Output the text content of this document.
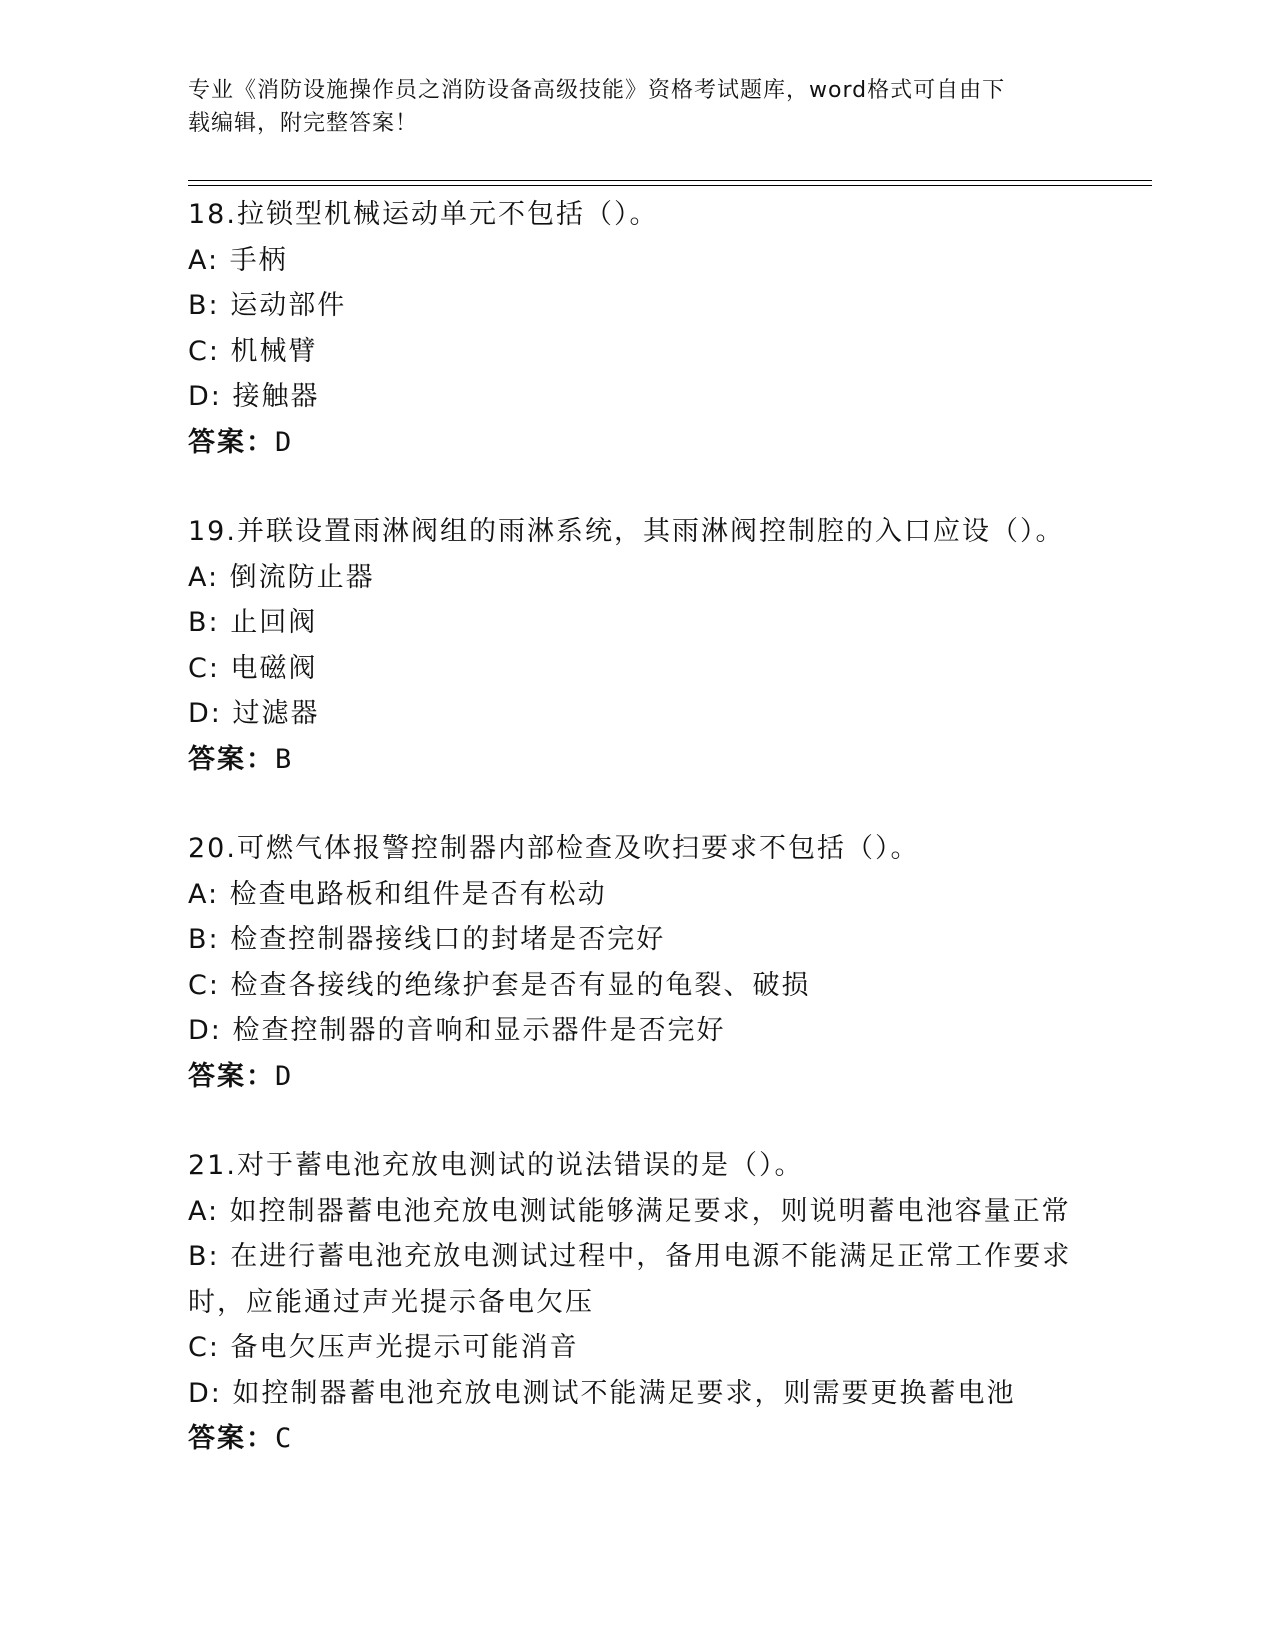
专业《消防设施操作员之消防设备高级技能》资格考试题库，word格式可自由下
载编辑，附完整答案！
18.拉锁型机械运动单元不包括（）。
A: 手柄
B: 运动部件
C: 机械臂
D: 接触器
答案：D
19.并联设置雨淋阀组的雨淋系统，其雨淋阀控制腔的入口应设（）。
A: 倒流防止器
B: 止回阀
C: 电磁阀
D: 过滤器
答案：B
20.可燃气体报警控制器内部检查及吹扫要求不包括（）。
A: 检查电路板和组件是否有松动
B: 检查控制器接线口的封堵是否完好
C: 检查各接线的绝缘护套是否有显的龟裂、破损
D: 检查控制器的音响和显示器件是否完好
答案：D
21.对于蓄电池充放电测试的说法错误的是（）。
A: 如控制器蓄电池充放电测试能够满足要求，则说明蓄电池容量正常
B: 在进行蓄电池充放电测试过程中，备用电源不能满足正常工作要求
时，应能通过声光提示备电欠压
C: 备电欠压声光提示可能消音
D: 如控制器蓄电池充放电测试不能满足要求，则需要更换蓄电池
答案：C
